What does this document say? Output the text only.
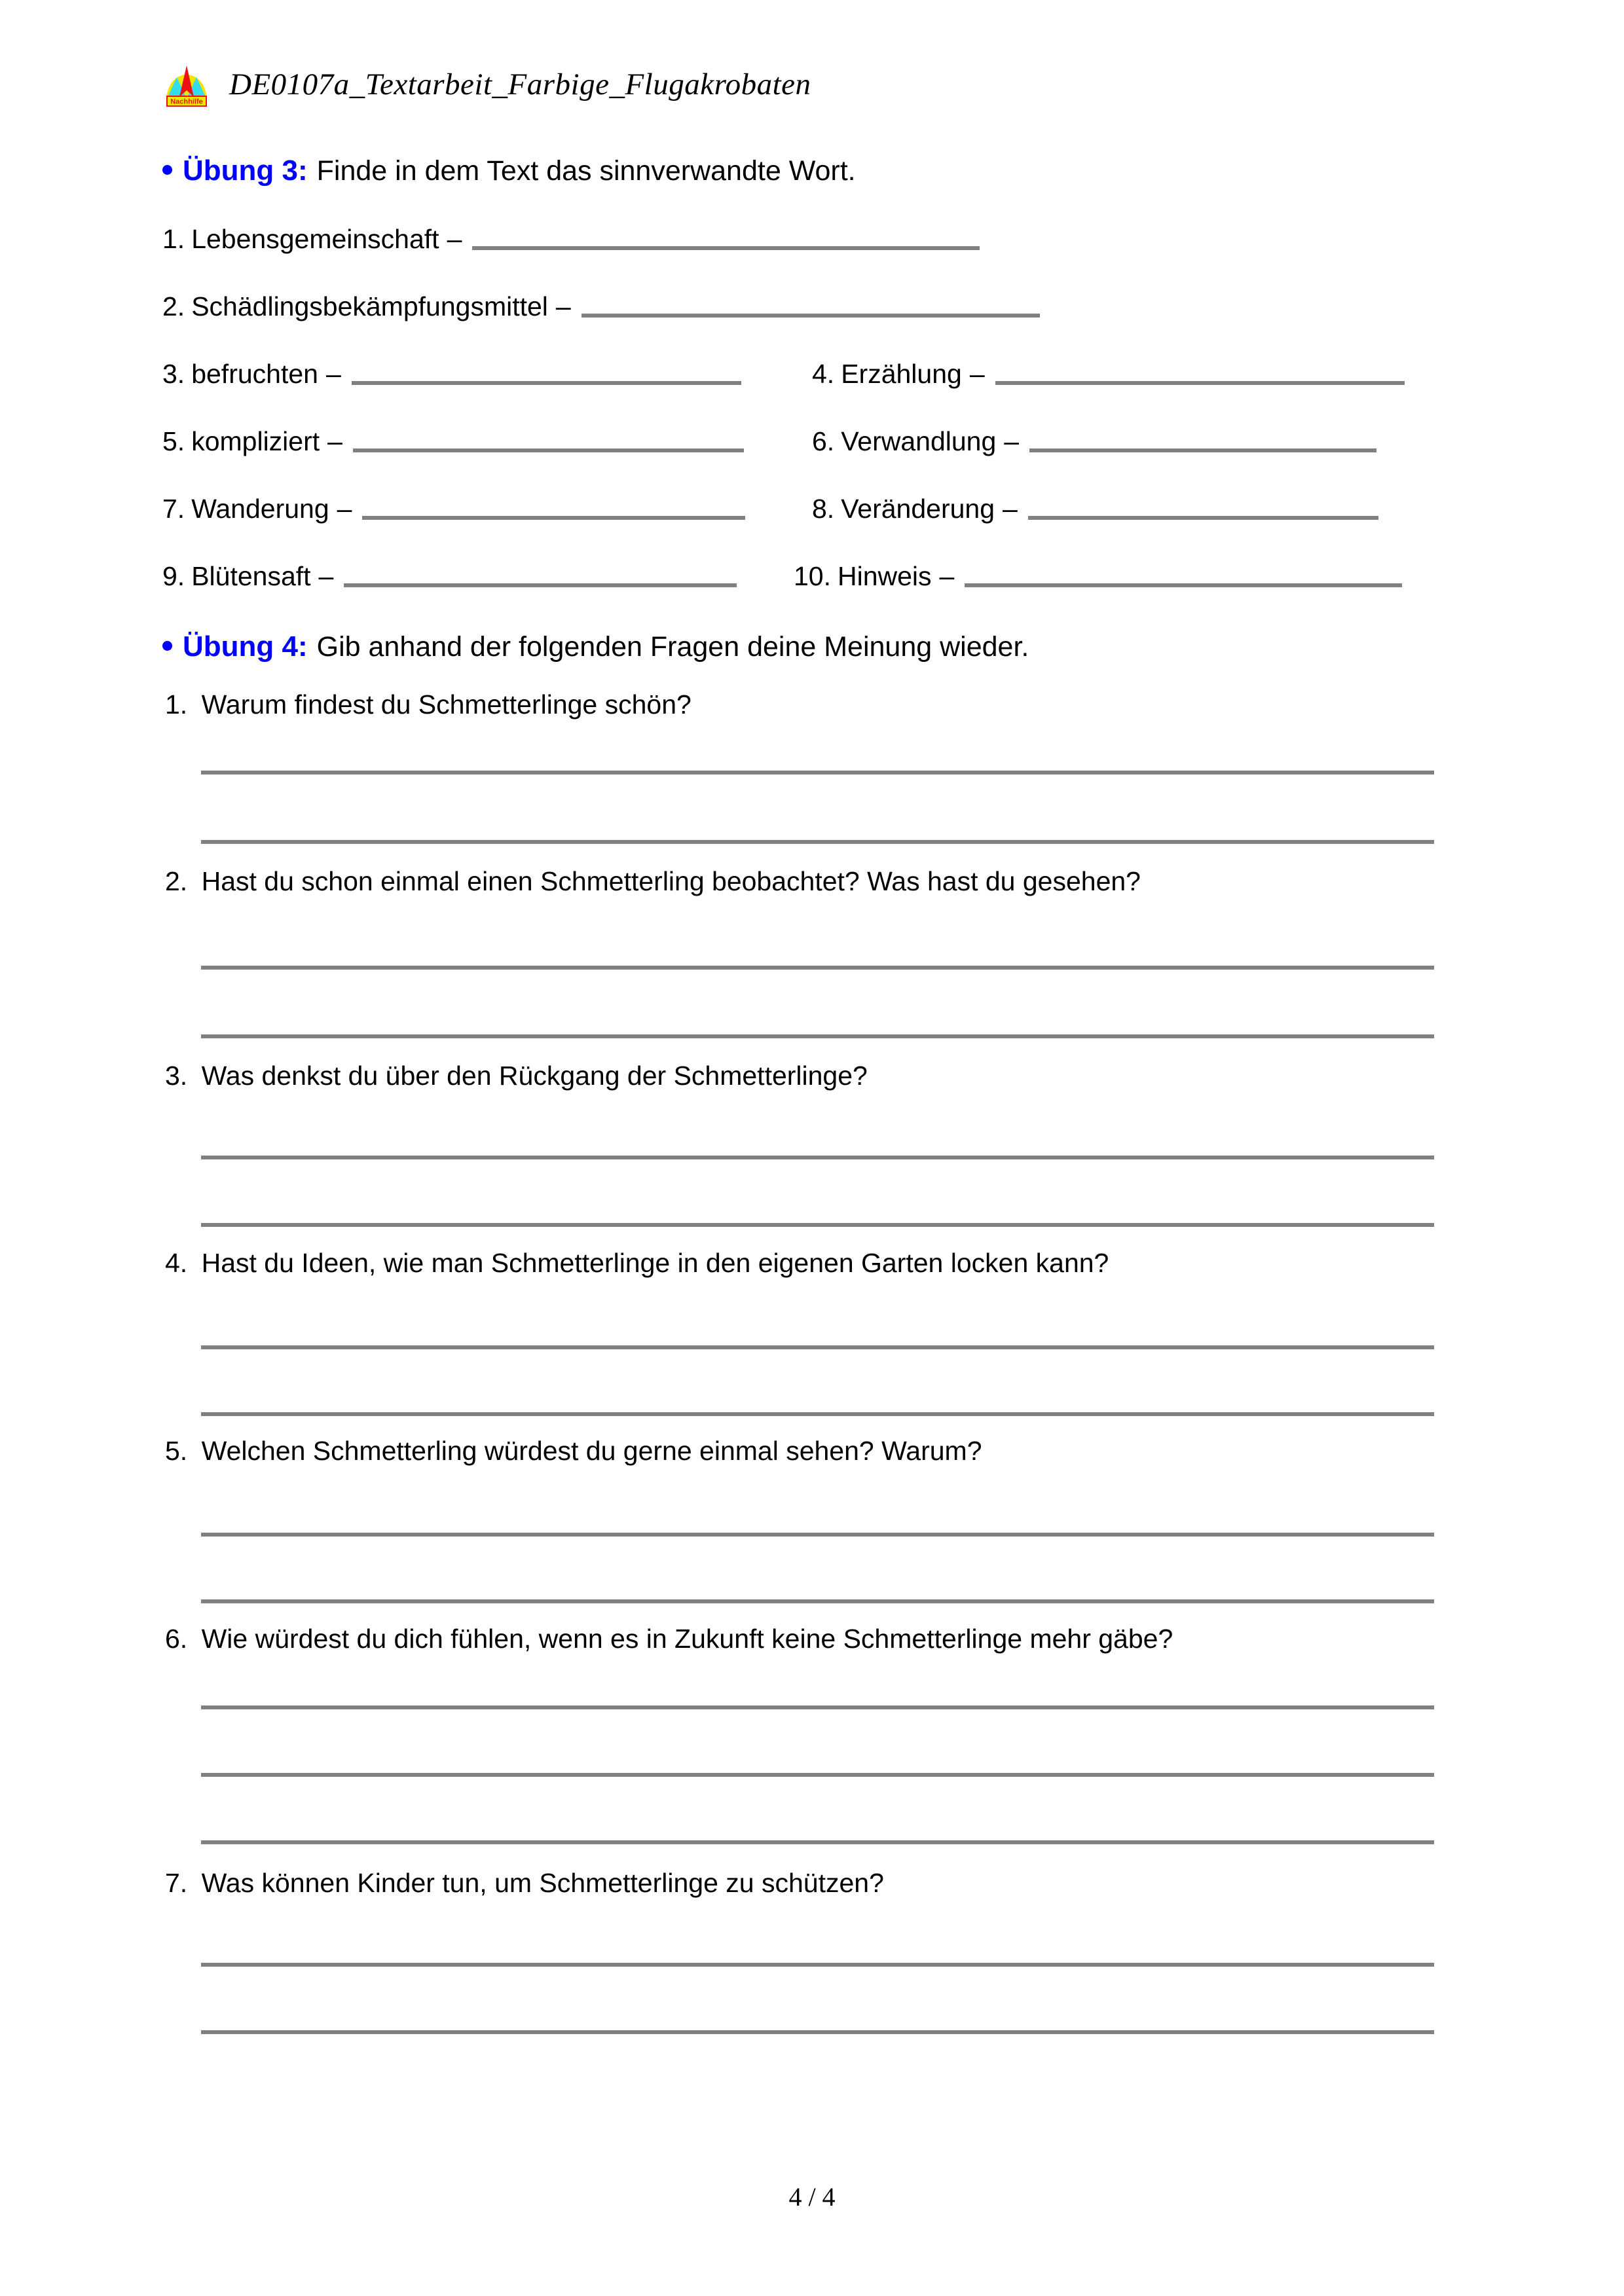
Nachhilfe
DE0107a_Textarbeit_Farbige_Flugakrobaten
Übung 3: Finde in dem Text das sinnverwandte Wort.
1. Lebensgemeinschaft –
2. Schädlingsbekämpfungsmittel –
3. befruchten –	4. Erzählung –
5. kompliziert –	6. Verwandlung –
7. Wanderung –	8. Veränderung –
9. Blütensaft –	10. Hinweis –
Übung 4: Gib anhand der folgenden Fragen deine Meinung wieder.
1. Warum findest du Schmetterlinge schön?
2. Hast du schon einmal einen Schmetterling beobachtet? Was hast du gesehen?
3. Was denkst du über den Rückgang der Schmetterlinge?
4. Hast du Ideen, wie man Schmetterlinge in den eigenen Garten locken kann?
5. Welchen Schmetterling würdest du gerne einmal sehen? Warum?
6. Wie würdest du dich fühlen, wenn es in Zukunft keine Schmetterlinge mehr gäbe?
7. Was können Kinder tun, um Schmetterlinge zu schützen?
4 / 4
